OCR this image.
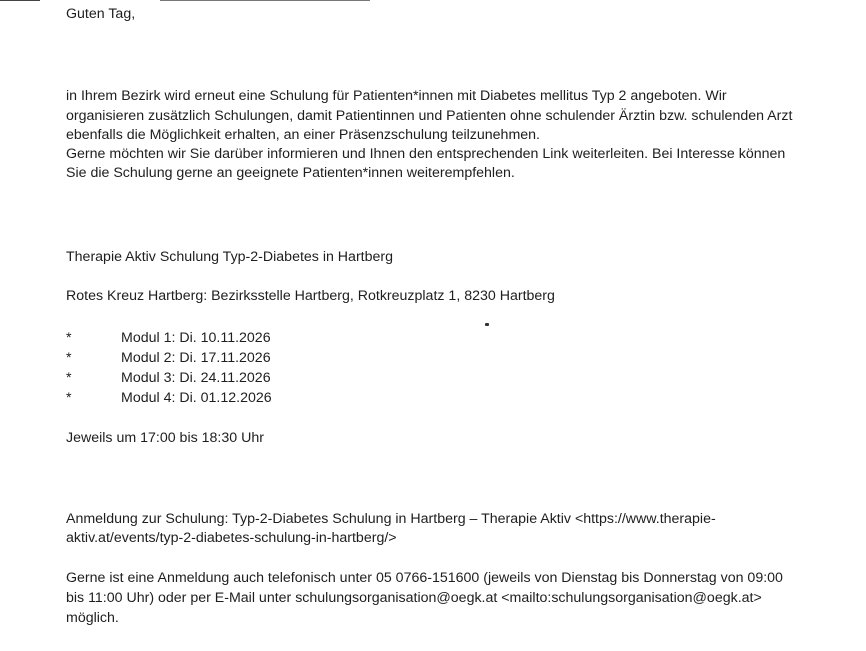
Guten Tag,
in Ihrem Bezirk wird erneut eine Schulung für Patienten*innen mit Diabetes mellitus Typ 2 angeboten. Wir
organisieren zusätzlich Schulungen, damit Patientinnen und Patienten ohne schulender Ärztin bzw. schulenden Arzt
ebenfalls die Möglichkeit erhalten, an einer Präsenzschulung teilzunehmen.
Gerne möchten wir Sie darüber informieren und Ihnen den entsprechenden Link weiterleiten. Bei Interesse können
Sie die Schulung gerne an geeignete Patienten*innen weiterempfehlen.
Therapie Aktiv Schulung Typ-2-Diabetes in Hartberg
Rotes Kreuz Hartberg: Bezirksstelle Hartberg, Rotkreuzplatz 1, 8230 Hartberg
*	Modul 1: Di. 10.11.2026
*	Modul 2: Di. 17.11.2026
*	Modul 3: Di. 24.11.2026
*	Modul 4: Di. 01.12.2026
Jeweils um 17:00 bis 18:30 Uhr
Anmeldung zur Schulung: Typ-2-Diabetes Schulung in Hartberg – Therapie Aktiv <https://www.therapie-
aktiv.at/events/typ-2-diabetes-schulung-in-hartberg/>
Gerne ist eine Anmeldung auch telefonisch unter 05 0766-151600 (jeweils von Dienstag bis Donnerstag von 09:00
bis 11:00 Uhr) oder per E-Mail unter schulungsorganisation@oegk.at <mailto:schulungsorganisation@oegk.at>
möglich.
